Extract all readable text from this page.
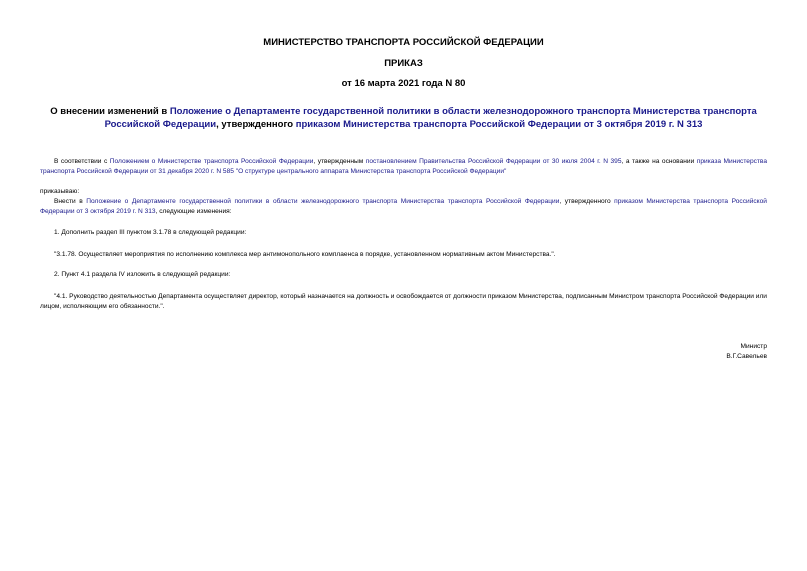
МИНИСТЕРСТВО ТРАНСПОРТА РОССИЙСКОЙ ФЕДЕРАЦИИ
ПРИКАЗ
от 16 марта 2021 года N 80
О внесении изменений в Положение о Департаменте государственной политики в области железнодорожного транспорта Министерства транспорта Российской Федерации, утвержденного приказом Министерства транспорта Российской Федерации от 3 октября 2019 г. N 313
В соответствии с Положением о Министерстве транспорта Российской Федерации, утвержденным постановлением Правительства Российской Федерации от 30 июля 2004 г. N 395, а также на основании приказа Министерства транспорта Российской Федерации от 31 декабря 2020 г. N 585 "О структуре центрального аппарата Министерства транспорта Российской Федерации"
приказываю:
Внести в Положение о Департаменте государственной политики в области железнодорожного транспорта Министерства транспорта Российской Федерации, утвержденного приказом Министерства транспорта Российской Федерации от 3 октября 2019 г. N 313, следующие изменения:
1. Дополнить раздел III пунктом 3.1.78 в следующей редакции:
"3.1.78. Осуществляет мероприятия по исполнению комплекса мер антимонопольного комплаенса в порядке, установленном нормативным актом Министерства.".
2. Пункт 4.1 раздела IV изложить в следующей редакции:
"4.1. Руководство деятельностью Департамента осуществляет директор, который назначается на должность и освобождается от должности приказом Министерства, подписанным Министром транспорта Российской Федерации или лицом, исполняющим его обязанности.".
Министр
В.Г.Савельев
